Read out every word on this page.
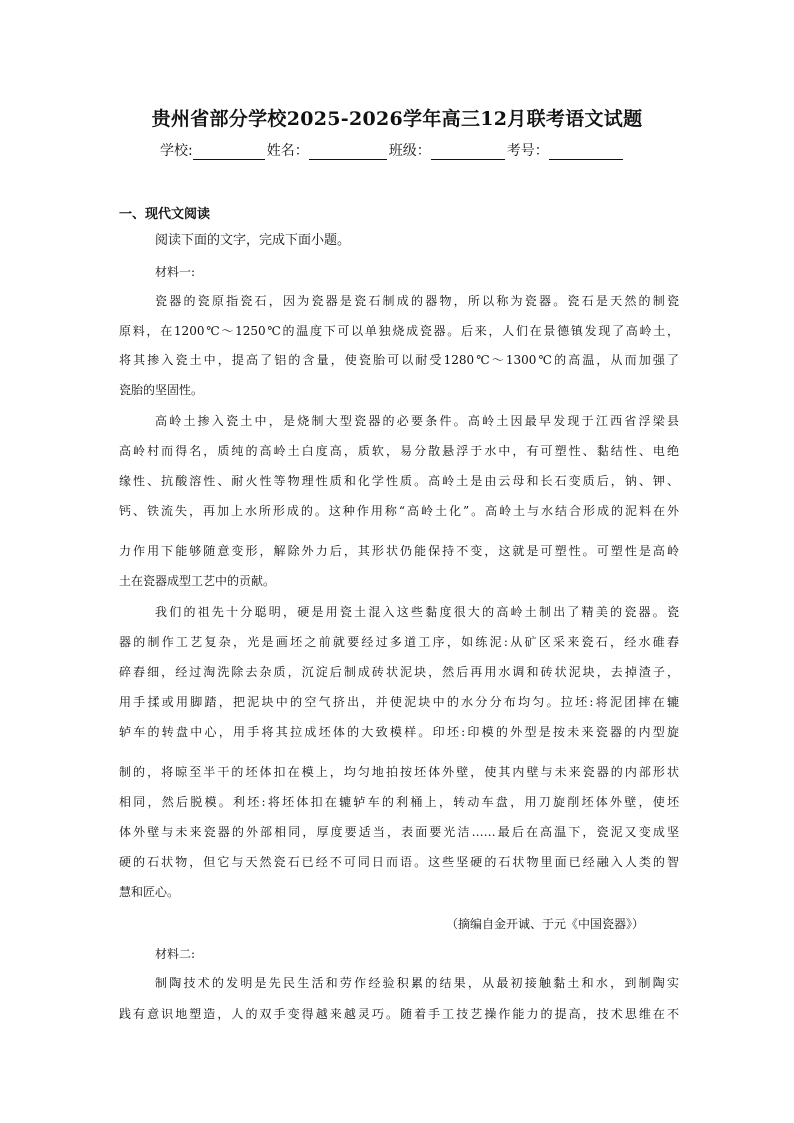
贵州省部分学校2025-2026学年高三12月联考语文试题
学校:	姓名：	班级：	考号：
一、现代文阅读
阅读下面的文字，完成下面小题。
材料一:
瓷器的瓷原指瓷石，因为瓷器是瓷石制成的器物，所以称为瓷器。瓷石是天然的制瓷
原料，在1200℃～1250℃的温度下可以单独烧成瓷器。后来，人们在景德镇发现了高岭土，
将其掺入瓷土中，提高了铝的含量，使瓷胎可以耐受1280℃～1300℃的高温，从而加强了
瓷胎的坚固性。
高岭土掺入瓷土中，是烧制大型瓷器的必要条件。高岭土因最早发现于江西省浮梁县
高岭村而得名，质纯的高岭土白度高，质软，易分散悬浮于水中，有可塑性、黏结性、电绝
缘性、抗酸溶性、耐火性等物理性质和化学性质。高岭土是由云母和长石变质后，钠、钾、
钙、铁流失，再加上水所形成的。这种作用称“高岭土化”。高岭土与水结合形成的泥料在外
力作用下能够随意变形，解除外力后，其形状仍能保持不变，这就是可塑性。可塑性是高岭
土在瓷器成型工艺中的贡献。
我们的祖先十分聪明，硬是用瓷土混入这些黏度很大的高岭土制出了精美的瓷器。瓷
器的制作工艺复杂，光是画坯之前就要经过多道工序，如练泥:从矿区采来瓷石，经水碓舂
碎舂细，经过淘洗除去杂质，沉淀后制成砖状泥块，然后再用水调和砖状泥块，去掉渣子，
用手揉或用脚踏，把泥块中的空气挤出，并使泥块中的水分分布均匀。拉坯:将泥团摔在辘
轳车的转盘中心，用手将其拉成坯体的大致模样。印坯:印模的外型是按未来瓷器的内型旋
制的，将晾至半干的坯体扣在模上，均匀地拍按坯体外壁，使其内壁与未来瓷器的内部形状
相同，然后脱模。利坯:将坯体扣在辘轳车的利桶上，转动车盘，用刀旋削坯体外壁，使坯
体外壁与未来瓷器的外部相同，厚度要适当，表面要光洁……最后在高温下，瓷泥又变成坚
硬的石状物，但它与天然瓷石已经不可同日而语。这些坚硬的石状物里面已经融入人类的智
慧和匠心。
（摘编自金开诚、于元《中国瓷器》）
材料二:
制陶技术的发明是先民生活和劳作经验积累的结果，从最初接触黏土和水，到制陶实
践有意识地塑造，人的双手变得越来越灵巧。随着手工技艺操作能力的提高，技术思维在不
